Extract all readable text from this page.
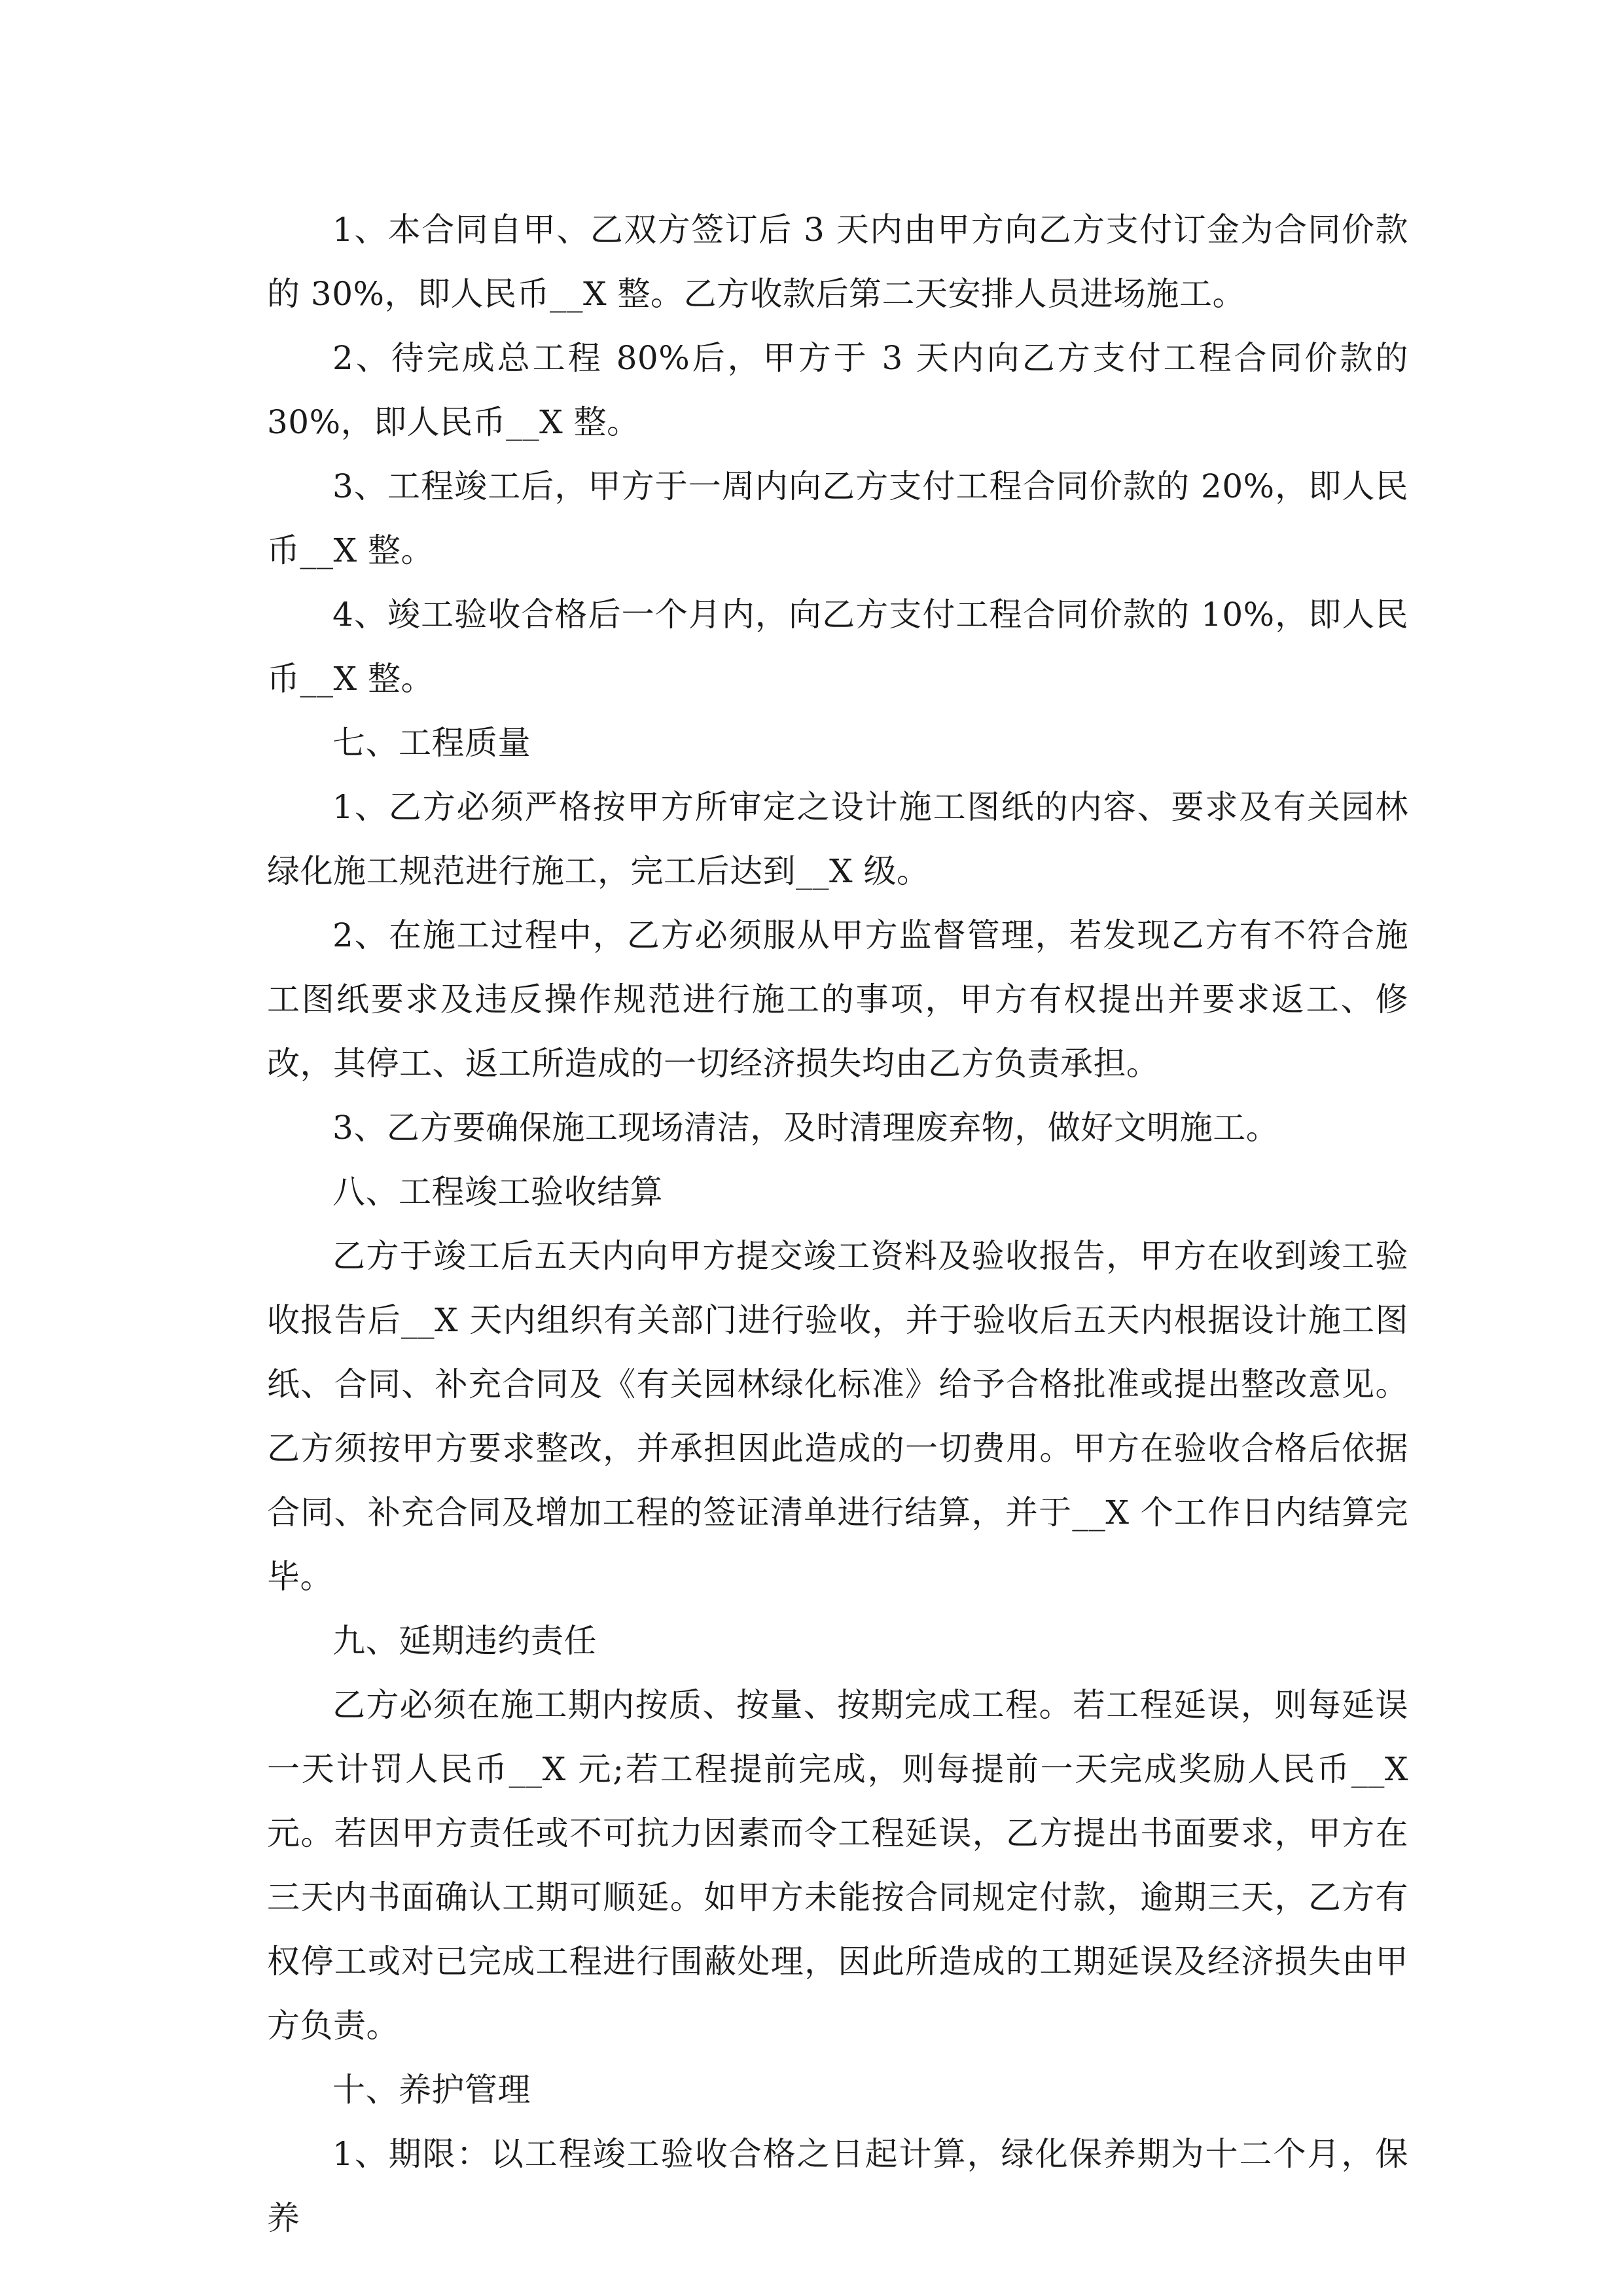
1、本合同自甲、乙双方签订后 3 天内由甲方向乙方支付订金为合同价款的 30%，即人民币__X 整。乙方收款后第二天安排人员进场施工。

2、待完成总工程 80%后，甲方于 3 天内向乙方支付工程合同价款的 30%，即人民币__X 整。

3、工程竣工后，甲方于一周内向乙方支付工程合同价款的 20%，即人民币__X 整。

4、竣工验收合格后一个月内，向乙方支付工程合同价款的 10%，即人民币__X 整。

七、工程质量

1、乙方必须严格按甲方所审定之设计施工图纸的内容、要求及有关园林绿化施工规范进行施工，完工后达到__X 级。

2、在施工过程中，乙方必须服从甲方监督管理，若发现乙方有不符合施工图纸要求及违反操作规范进行施工的事项，甲方有权提出并要求返工、修改，其停工、返工所造成的一切经济损失均由乙方负责承担。

3、乙方要确保施工现场清洁，及时清理废弃物，做好文明施工。

八、工程竣工验收结算

乙方于竣工后五天内向甲方提交竣工资料及验收报告，甲方在收到竣工验收报告后__X 天内组织有关部门进行验收，并于验收后五天内根据设计施工图纸、合同、补充合同及《有关园林绿化标准》给予合格批准或提出整改意见。乙方须按甲方要求整改，并承担因此造成的一切费用。甲方在验收合格后依据合同、补充合同及增加工程的签证清单进行结算，并于__X 个工作日内结算完毕。

九、延期违约责任

乙方必须在施工期内按质、按量、按期完成工程。若工程延误，则每延误一天计罚人民币__X 元;若工程提前完成，则每提前一天完成奖励人民币__X 元。若因甲方责任或不可抗力因素而令工程延误，乙方提出书面要求，甲方在三天内书面确认工期可顺延。如甲方未能按合同规定付款，逾期三天，乙方有权停工或对已完成工程进行围蔽处理，因此所造成的工期延误及经济损失由甲方负责。

十、养护管理

1、期限：以工程竣工验收合格之日起计算，绿化保养期为十二个月，保养
